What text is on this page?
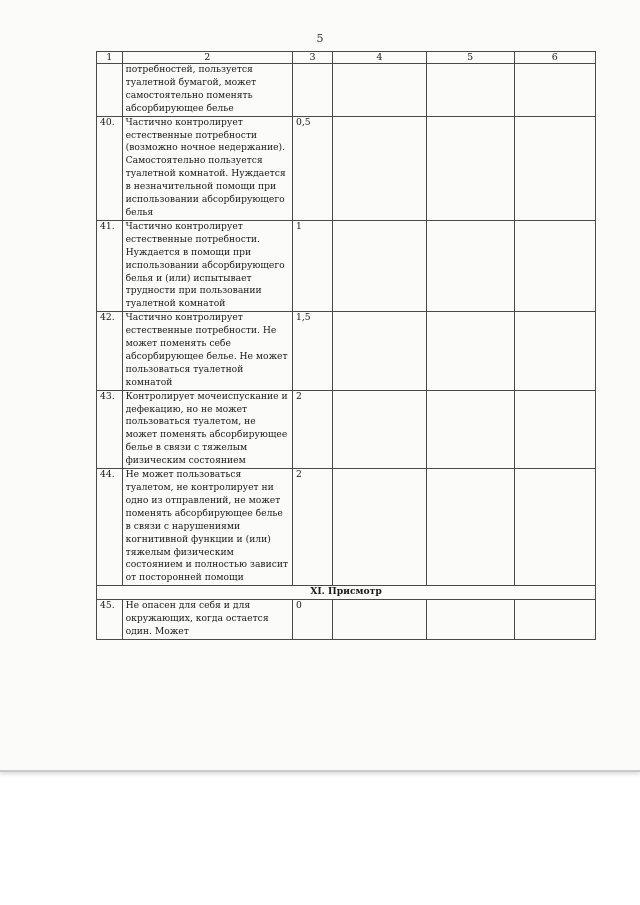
5
1	2	3	4	5	6
	потребностей, пользуется туалетной бумагой, может самостоятельно поменять абсорбирующее белье				
40.	Частично контролирует естественные потребности (возможно ночное недержание). Самостоятельно пользуется туалетной комнатой. Нуждается в незначительной помощи при использовании абсорбирующего белья	0,5			
41.	Частично контролирует естественные потребности. Нуждается в помощи при использовании абсорбирующего белья и (или) испытывает трудности при пользовании туалетной комнатой	1			
42.	Частично контролирует естественные потребности. Не может поменять себе абсорбирующее белье. Не может пользоваться туалетной комнатой	1,5			
43.	Контролирует мочеиспускание и дефекацию, но не может пользоваться туалетом, не может поменять абсорбирующее белье в связи с тяжелым физическим состоянием	2			
44.	Не может пользоваться туалетом, не контролирует ни одно из отправлений, не может поменять абсорбирующее белье в связи с нарушениями когнитивной функции и (или) тяжелым физическим состоянием и полностью зависит от посторонней помощи	2			
XI. Присмотр					
45.	Не опасен для себя и для окружающих, когда остается один. Может	0			
